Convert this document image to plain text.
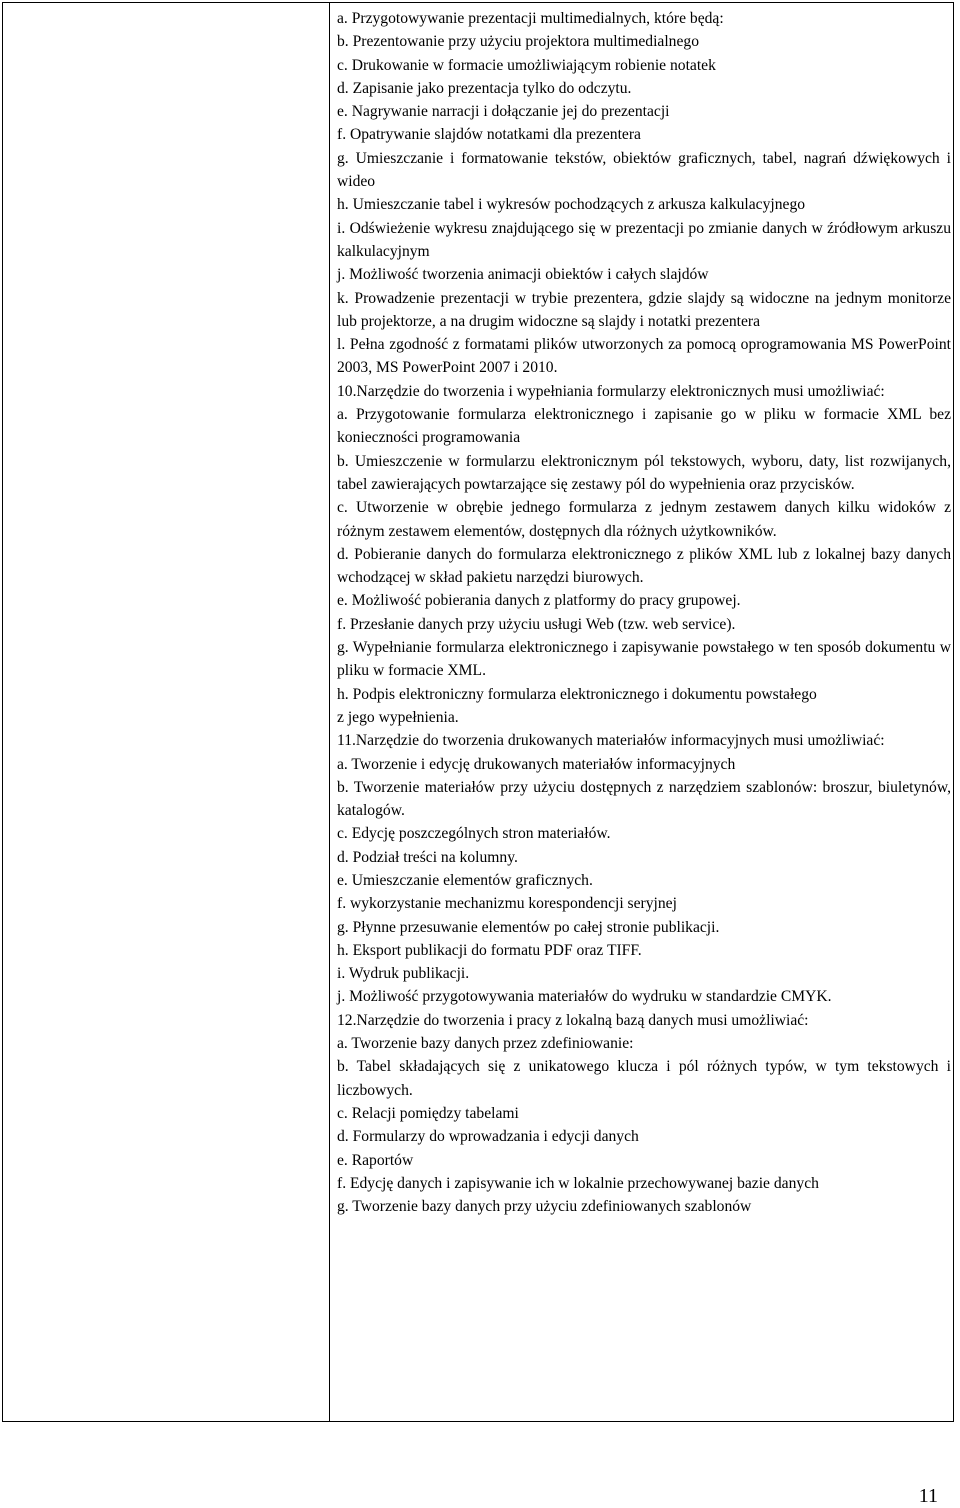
a. Przygotowywanie prezentacji multimedialnych, które będą:
b. Prezentowanie przy użyciu projektora multimedialnego
c. Drukowanie w formacie umożliwiającym robienie notatek
d. Zapisanie jako prezentacja tylko do odczytu.
e. Nagrywanie narracji i dołączanie jej do prezentacji
f. Opatrywanie slajdów notatkami dla prezentera
g. Umieszczanie i formatowanie tekstów, obiektów graficznych, tabel, nagrań dźwiękowych i wideo
h. Umieszczanie tabel i wykresów pochodzących z arkusza kalkulacyjnego
i. Odświeżenie wykresu znajdującego się w prezentacji po zmianie danych w źródłowym arkuszu kalkulacyjnym
j. Możliwość tworzenia animacji obiektów i całych slajdów
k. Prowadzenie prezentacji w trybie prezentera, gdzie slajdy są widoczne na jednym monitorze lub projektorze, a na drugim widoczne są slajdy i notatki prezentera
l. Pełna zgodność z formatami plików utworzonych za pomocą oprogramowania MS PowerPoint 2003, MS PowerPoint 2007 i 2010.
10.Narzędzie do tworzenia i wypełniania formularzy elektronicznych musi umożliwiać:
a. Przygotowanie formularza elektronicznego i zapisanie go w pliku w formacie XML bez konieczności programowania
b. Umieszczenie w formularzu elektronicznym pól tekstowych, wyboru, daty, list rozwijanych, tabel zawierających powtarzające się zestawy pól do wypełnienia oraz przycisków.
c. Utworzenie w obrębie jednego formularza z jednym zestawem danych kilku widoków z różnym zestawem elementów, dostępnych dla różnych użytkowników.
d. Pobieranie danych do formularza elektronicznego z plików XML lub z lokalnej bazy danych wchodzącej w skład pakietu narzędzi biurowych.
e. Możliwość pobierania danych z platformy do pracy grupowej.
f. Przesłanie danych przy użyciu usługi Web (tzw. web service).
g. Wypełnianie formularza elektronicznego i zapisywanie powstałego w ten sposób dokumentu w pliku w formacie XML.
h. Podpis elektroniczny formularza elektronicznego i dokumentu powstałego
z jego wypełnienia.
11.Narzędzie do tworzenia drukowanych materiałów informacyjnych musi umożliwiać:
a. Tworzenie i edycję drukowanych materiałów informacyjnych
b. Tworzenie materiałów przy użyciu dostępnych z narzędziem szablonów: broszur, biuletynów, katalogów.
c. Edycję poszczególnych stron materiałów.
d. Podział treści na kolumny.
e. Umieszczanie elementów graficznych.
f. wykorzystanie mechanizmu korespondencji seryjnej
g. Płynne przesuwanie elementów po całej stronie publikacji.
h. Eksport publikacji do formatu PDF oraz TIFF.
i. Wydruk publikacji.
j. Możliwość przygotowywania materiałów do wydruku w standardzie CMYK.
12.Narzędzie do tworzenia i pracy z lokalną bazą danych musi umożliwiać:
a. Tworzenie bazy danych przez zdefiniowanie:
b. Tabel składających się z unikatowego klucza i pól różnych typów, w tym tekstowych i liczbowych.
c. Relacji pomiędzy tabelami
d. Formularzy do wprowadzania i edycji danych
e. Raportów
f. Edycję danych i zapisywanie ich w lokalnie przechowywanej bazie danych
g. Tworzenie bazy danych przy użyciu zdefiniowanych szablonów
11
